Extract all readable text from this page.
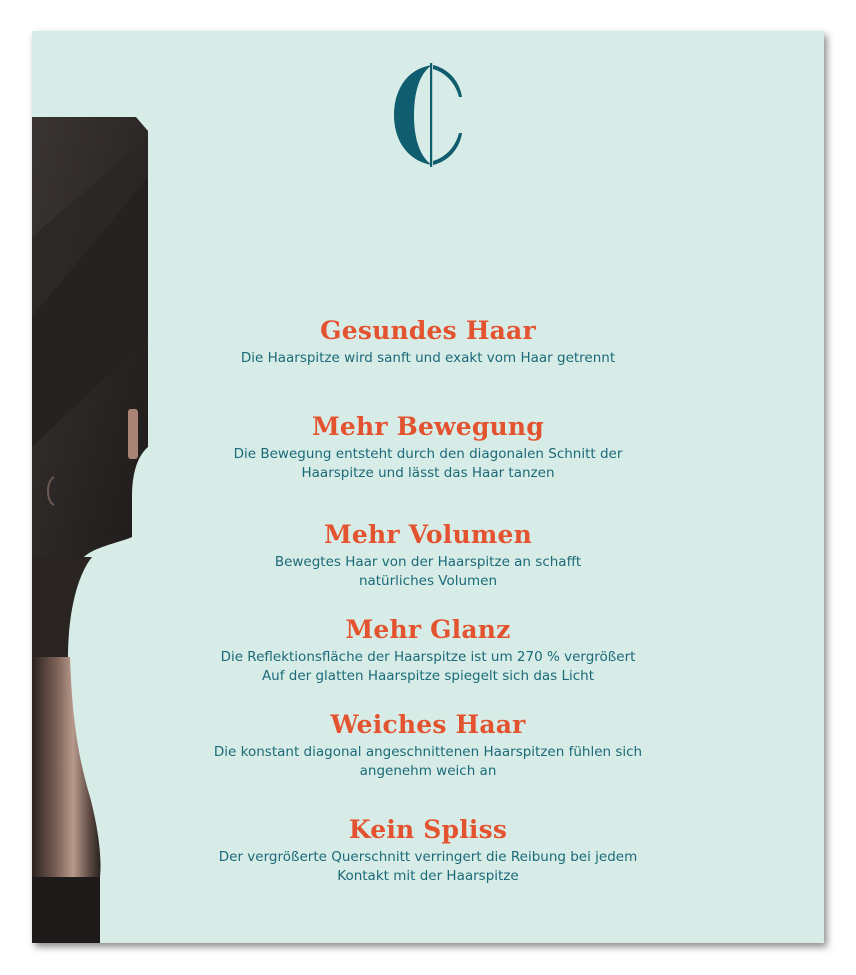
Gesundes Haar

Die Haarspitze wird sanft und exakt vom Haar getrennt

Mehr Bewegung

Die Bewegung entsteht durch den diagonalen Schnitt der
Haarspitze und lässt das Haar tanzen

Mehr Volumen

Bewegtes Haar von der Haarspitze an schafft
natürliches Volumen

Mehr Glanz

Die Reflektionsfläche der Haarspitze ist um 270 % vergrößert
Auf der glatten Haarspitze spiegelt sich das Licht

Weiches Haar

Die konstant diagonal angeschnittenen Haarspitzen fühlen sich
angenehm weich an

Kein Spliss

Der vergrößerte Querschnitt verringert die Reibung bei jedem
Kontakt mit der Haarspitze
